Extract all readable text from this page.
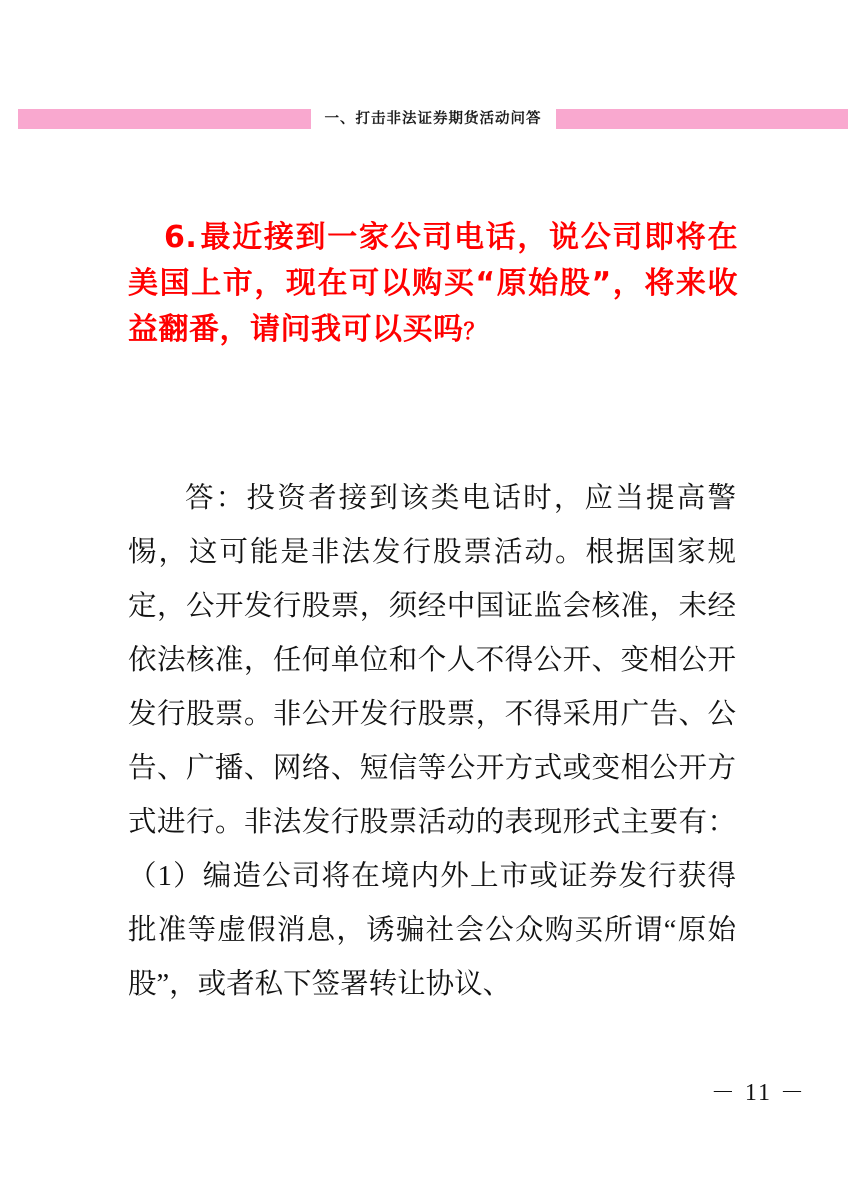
一、打击非法证券期货活动问答
6.最近接到一家公司电话，说公司即将在美国上市，现在可以购买“原始股”，将来收益翻番，请问我可以买吗？

答：投资者接到该类电话时，应当提高警惕，这可能是非法发行股票活动。根据国家规定，公开发行股票，须经中国证监会核准，未经依法核准，任何单位和个人不得公开、变相公开发行股票。非公开发行股票，不得采用广告、公告、广播、网络、短信等公开方式或变相公开方式进行。非法发行股票活动的表现形式主要有：（1）编造公司将在境内外上市或证券发行获得批准等虚假消息，诱骗社会公众购买所谓“原始股”，或者私下签署转让协议、

－ 11 －
